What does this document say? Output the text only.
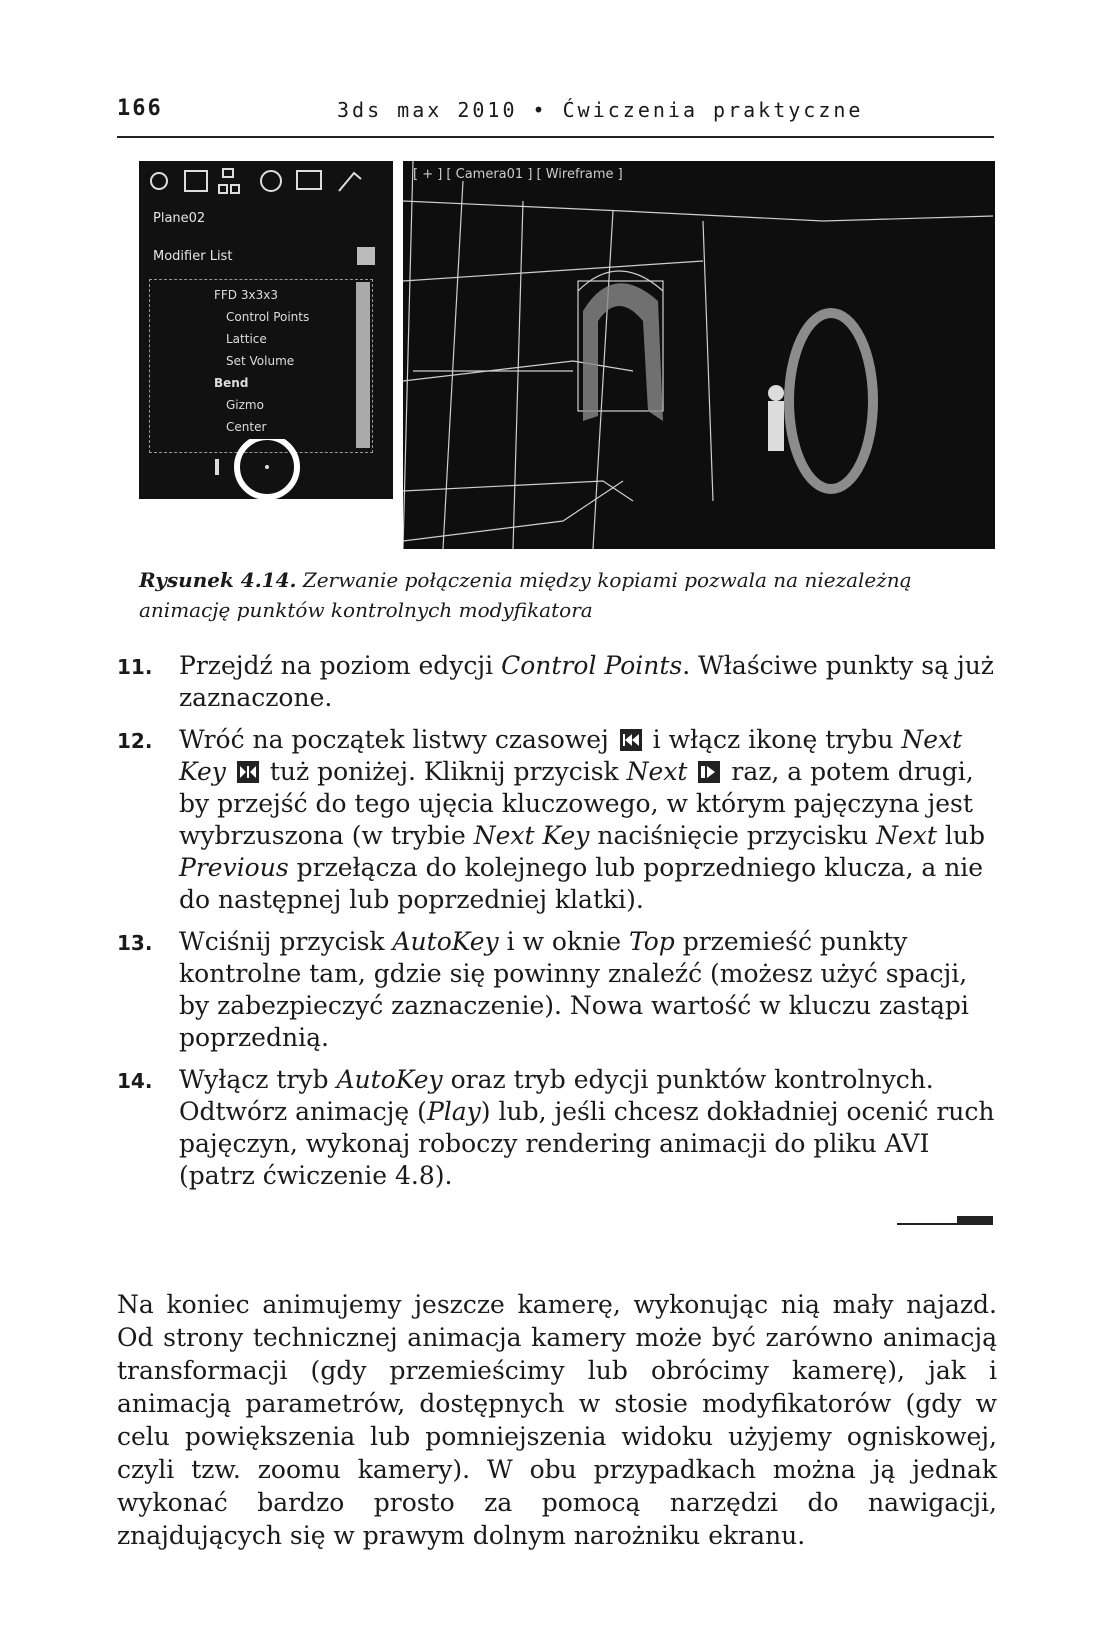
166	3ds max 2010 • Ćwiczenia praktyczne
Plane02
Modifier List
FFD 3x3x3
Control Points
Lattice
Set Volume
Bend
Gizmo
Center
[ + ] [ Camera01 ] [ Wireframe ]
Rysunek 4.14. Zerwanie połączenia między kopiami pozwala na niezależną animację punktów kontrolnych modyfikatora
11. Przejdź na poziom edycji Control Points. Właściwe punkty są już zaznaczone.
12. Wróć na początek listwy czasowej
i włącz ikonę trybu Next Key
tuż poniżej. Kliknij przycisk Next
raz, a potem drugi, by przejść do tego ujęcia kluczowego, w którym pajęczyna jest wybrzuszona (w trybie Next Key naciśnięcie przycisku Next lub Previous przełącza do kolejnego lub poprzedniego klucza, a nie do następnej lub poprzedniej klatki).
13. Wciśnij przycisk AutoKey i w oknie Top przemieść punkty kontrolne tam, gdzie się powinny znaleźć (możesz użyć spacji, by zabezpieczyć zaznaczenie). Nowa wartość w kluczu zastąpi poprzednią.
14. Wyłącz tryb AutoKey oraz tryb edycji punktów kontrolnych. Odtwórz animację (Play) lub, jeśli chcesz dokładniej ocenić ruch pajęczyn, wykonaj roboczy rendering animacji do pliku AVI (patrz ćwiczenie 4.8).

Na koniec animujemy jeszcze kamerę, wykonując nią mały najazd. Od strony technicznej animacja kamery może być zarówno animacją transformacji (gdy przemieścimy lub obrócimy kamerę), jak i animacją parametrów, dostępnych w stosie modyfikatorów (gdy w celu powiększenia lub pomniejszenia widoku użyjemy ogniskowej, czyli tzw. zoomu kamery). W obu przypadkach można ją jednak wykonać bardzo prosto za pomocą narzędzi do nawigacji, znajdujących się w prawym dolnym narożniku ekranu.
